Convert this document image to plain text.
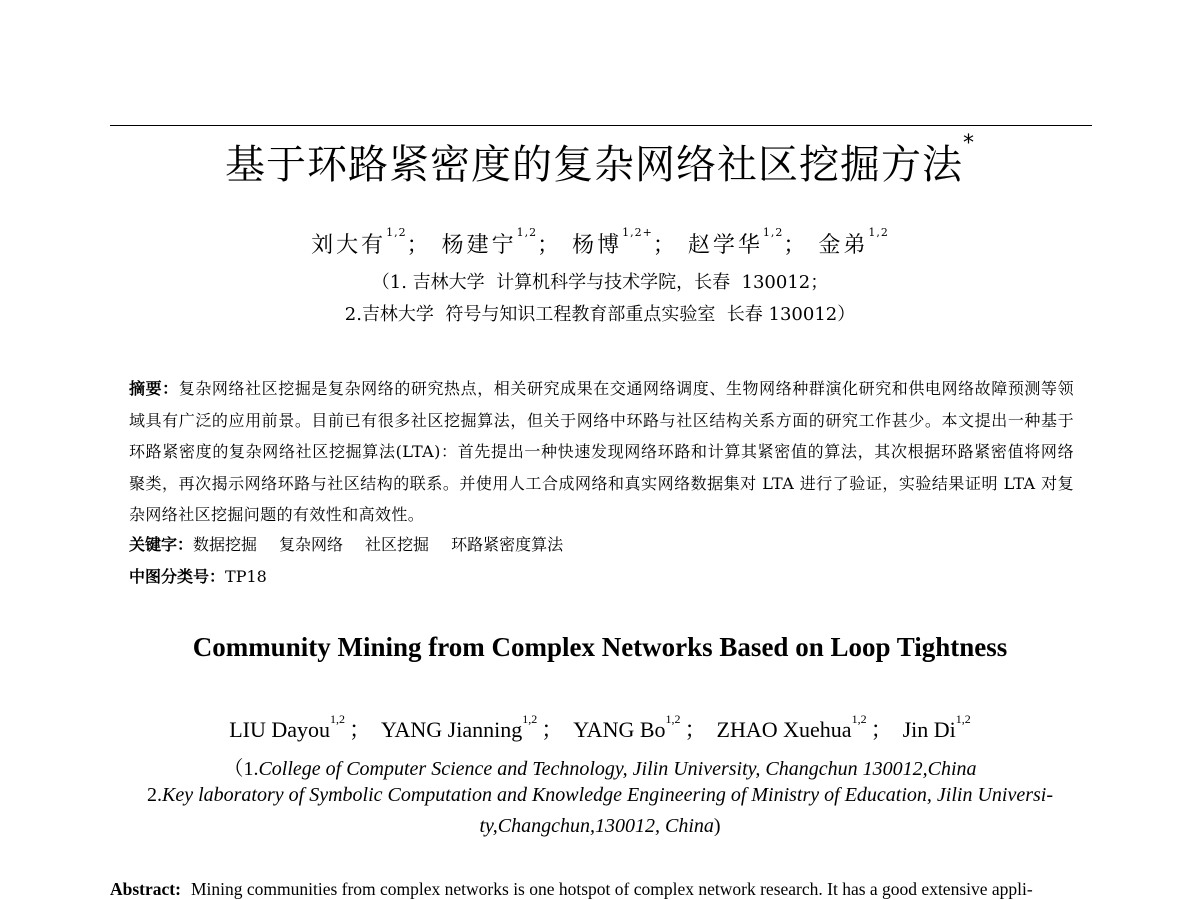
基于环路紧密度的复杂网络社区挖掘方法*
刘大有$^{1,2}$； 杨建宁$^{1,2}$； 杨博$^{1,2+}$； 赵学华$^{1,2}$； 金弟$^{1,2}$
（1. 吉林大学  计算机科学与技术学院，长春  130012；
2.吉林大学  符号与知识工程教育部重点实验室  长春 130012）

摘要：复杂网络社区挖掘是复杂网络的研究热点，相关研究成果在交通网络调度、生物网络种群演化研究和供电网络故障预测等领域具有广泛的应用前景。目前已有很多社区挖掘算法，但关于网络中环路与社区结构关系方面的研究工作甚少。本文提出一种基于环路紧密度的复杂网络社区挖掘算法(LTA)：首先提出一种快速发现网络环路和计算其紧密值的算法，其次根据环路紧密值将网络聚类，再次揭示网络环路与社区结构的联系。并使用人工合成网络和真实网络数据集对 LTA 进行了验证，实验结果证明 LTA 对复杂网络社区挖掘问题的有效性和高效性。

关键字：数据挖掘 复杂网络 社区挖掘 环路紧密度算法
中图分类号：TP18
Community Mining from Complex Networks Based on Loop Tightness
LIU Dayou$^{1,2}$ ； YANG Jianning$^{1,2}$ ； YANG Bo$^{1,2}$ ； ZHAO Xuehua$^{1,2}$ ； Jin Di$^{1,2}$
（1.College of Computer Science and Technology, Jilin University, Changchun 130012,China
2.Key laboratory of Symbolic Computation and Knowledge Engineering of Ministry of Education, Jilin Universi-
ty,Changchun,130012, China)
Abstract: Mining communities from complex networks is one hotspot of complex network research. It has a good extensive appli-
